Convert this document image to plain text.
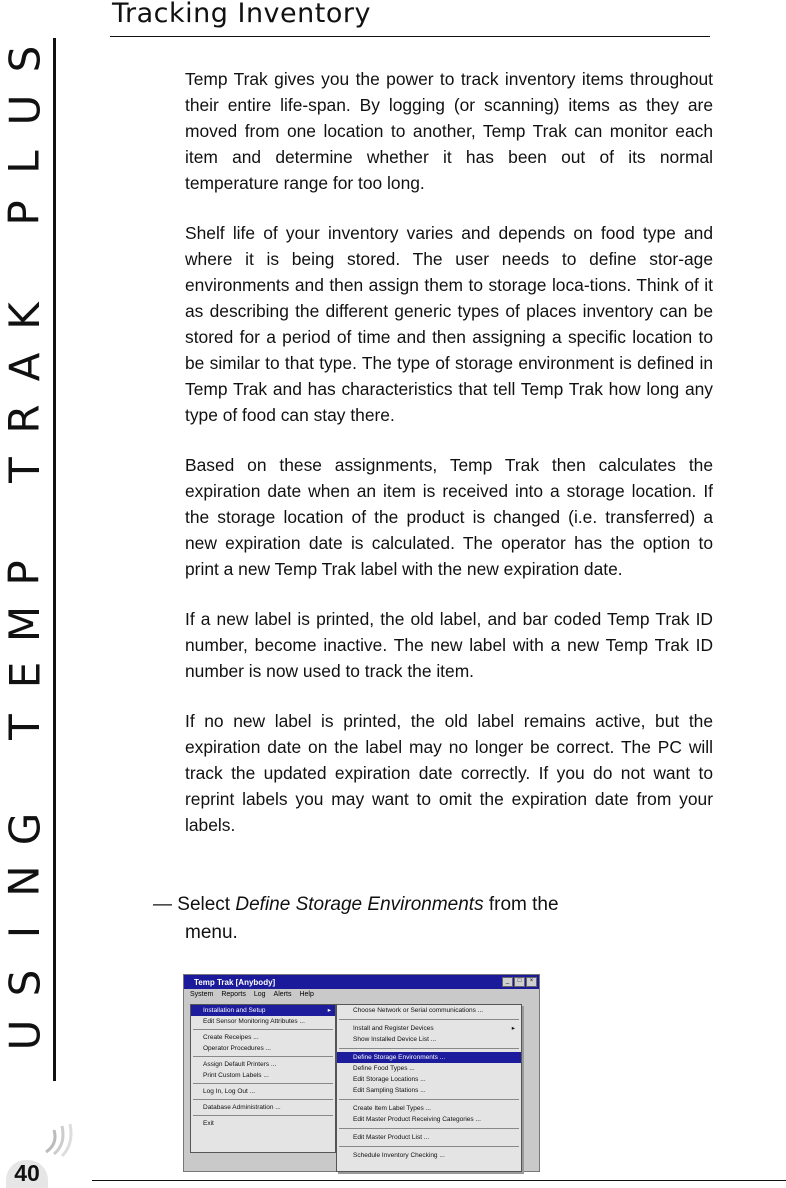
Tracking Inventory
S
U
L
P
K
A
R
T
P
M
E
T
G
N
I
S
U

Temp Trak gives you the power to track inventory items throughout their entire life-span. By logging (or scanning) items as they are moved from one location to another, Temp Trak can monitor each item and determine whether it has been out of its normal temperature range for too long.

Shelf life of your inventory varies and depends on food type and where it is being stored. The user needs to define stor-age environments and then assign them to storage loca-tions. Think of it as describing the different generic types of places inventory can be stored for a period of time and then assigning a specific location to be similar to that type. The type of storage environment is defined in Temp Trak and has characteristics that tell Temp Trak how long any type of food can stay there.

Based on these assignments, Temp Trak then calculates the expiration date when an item is received into a storage location. If the storage location of the product is changed (i.e. transferred) a new expiration date is calculated. The operator has the option to print a new Temp Trak label with the new expiration date.

If a new label is printed, the old label, and bar coded Temp Trak ID number, become inactive. The new label with a new Temp Trak ID number is now used to track the item.

If no new label is printed, the old label remains active, but the expiration date on the label may no longer be correct. The PC will track the updated expiration date correctly. If you do not want to reprint labels you may want to omit the expiration date from your labels.

— Select Define Storage Environments from the
menu.
Temp Trak [Anybody]	_	□	×
System Reports Log Alerts Help
Installation and Setup	▸
Edit Sensor Monitoring Attributes ...
Create Receipes ...
Operator Procedures ...
Assign Default Printers ...
Print Custom Labels ...
Log In, Log Out ...
Database Administration ...
Exit
Choose Network or Serial communications ...
Install and Register Devices	▸
Show Installed Device List ...
Define Storage Environments ...
Define Food Types ...
Edit Storage Locations ...
Edit Sampling Stations ...
Create Item Label Types ...
Edit Master Product Receiving Categories ...
Edit Master Product List ...
Schedule Inventory Checking ...
40
